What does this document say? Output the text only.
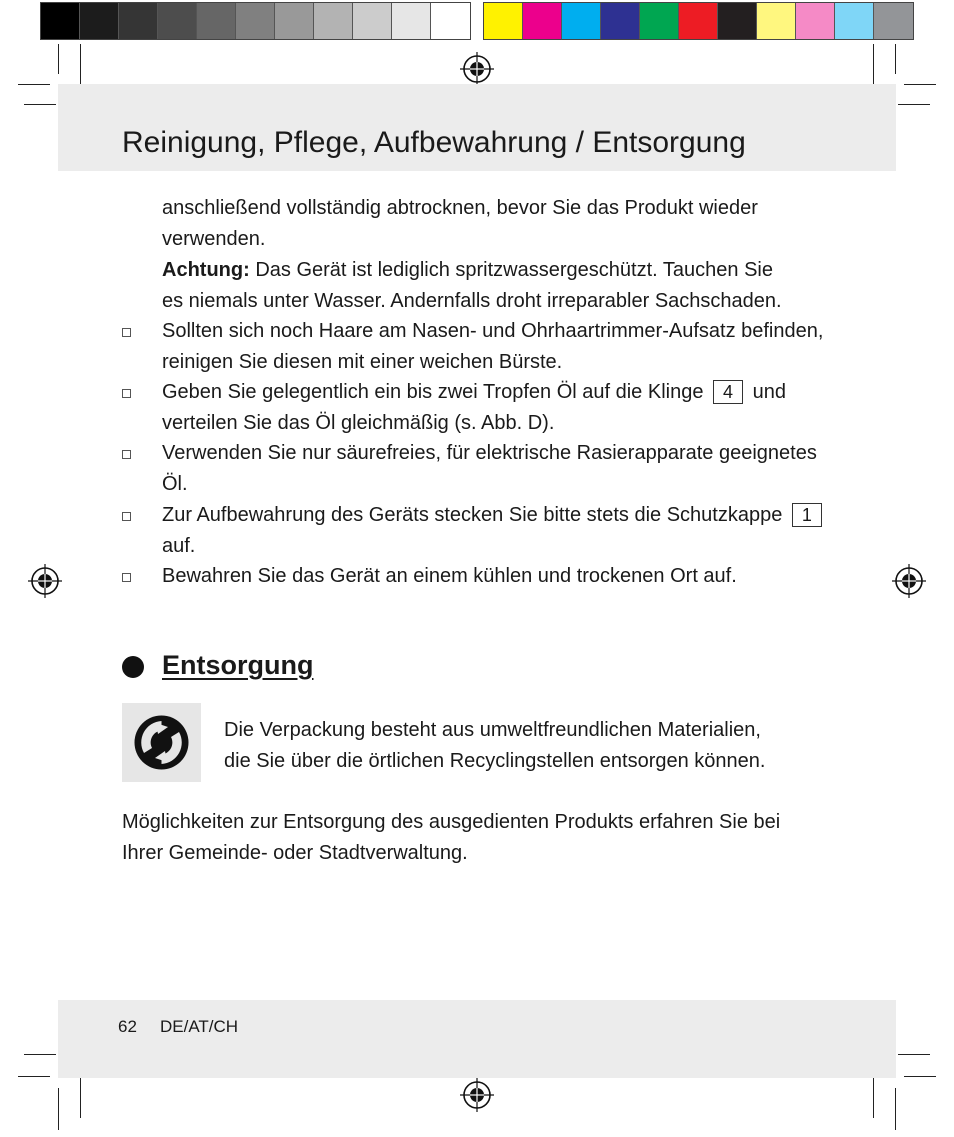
Reinigung, Pflege, Aufbewahrung / Entsorgung
anschließend vollständig abtrocknen, bevor Sie das Produkt wieder
verwenden.
Achtung: Das Gerät ist lediglich spritzwassergeschützt. Tauchen Sie
es niemals unter Wasser. Andernfalls droht irreparabler Sachschaden.
Sollten sich noch Haare am Nasen- und Ohrhaartrimmer-Aufsatz befinden,
reinigen Sie diesen mit einer weichen Bürste.
Geben Sie gelegentlich ein bis zwei Tropfen Öl auf die Klinge 4 und
verteilen Sie das Öl gleichmäßig (s. Abb. D).
Verwenden Sie nur säurefreies, für elektrische Rasierapparate geeignetes
Öl.
Zur Aufbewahrung des Geräts stecken Sie bitte stets die Schutzkappe 1
auf.
Bewahren Sie das Gerät an einem kühlen und trockenen Ort auf.
Entsorgung
Die Verpackung besteht aus umweltfreundlichen Materialien,
die Sie über die örtlichen Recyclingstellen entsorgen können.
Möglichkeiten zur Entsorgung des ausgedienten Produkts erfahren Sie bei
Ihrer Gemeinde- oder Stadtverwaltung.
62 DE/AT/CH
